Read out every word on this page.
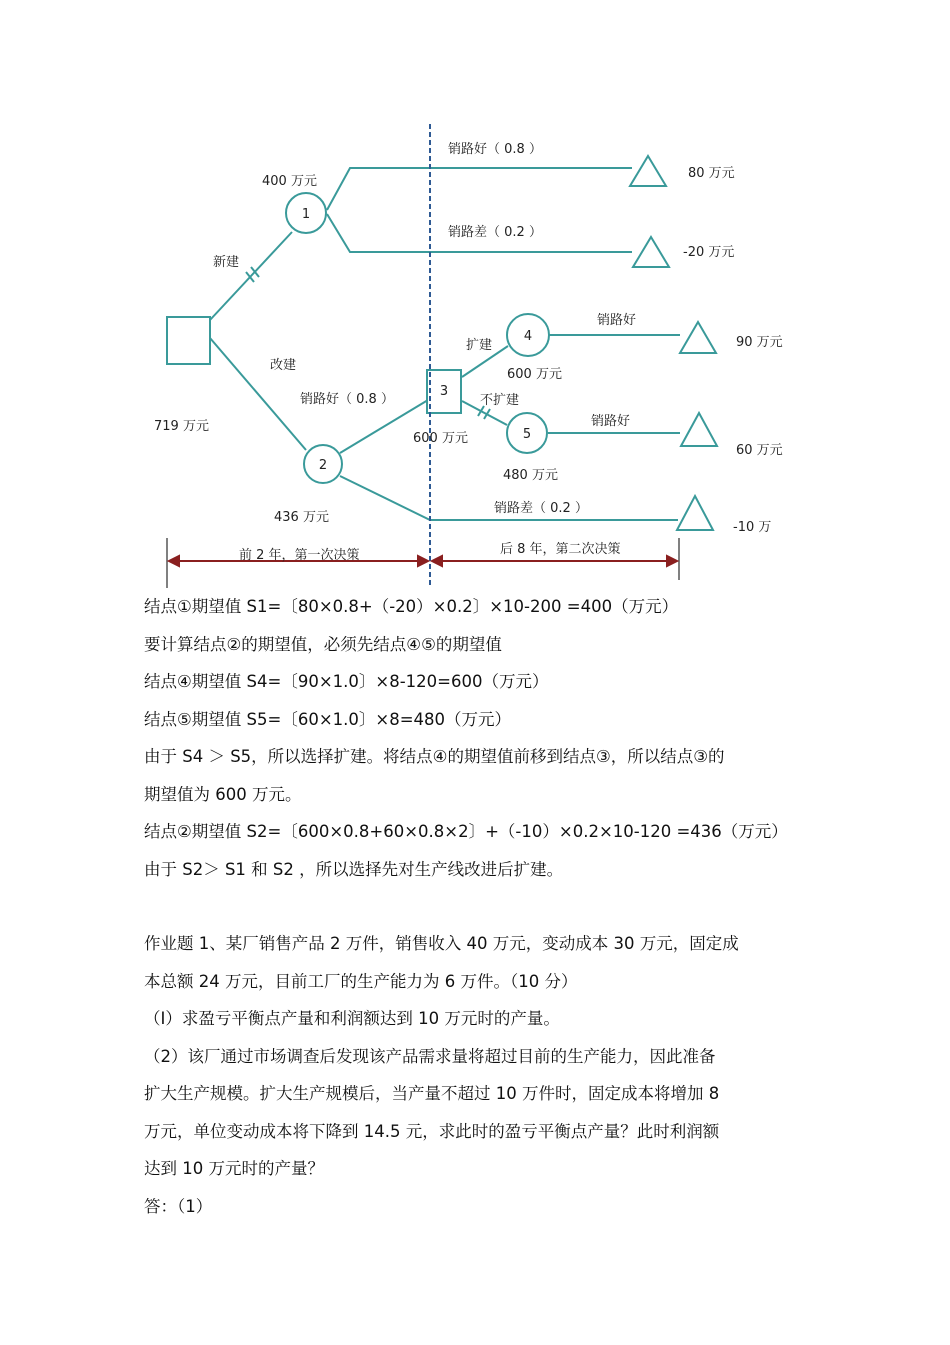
400 万元
新建
改建
719 万元
销路好（ 0.8 ）
销路差（ 0.2 ）
80 万元
-20 万元
扩建
不扩建
销路好
销路好
600 万元
600 万元
480 万元
销路好（ 0.8 ）
436 万元
销路差（ 0.2 ）
90 万元
60 万元
-10 万
前 2 年，第一次决策	后 8 年，第二次决策
1
2
3
4
5
结点①期望值 S1=〔80×0.8+（-20）×0.2〕×10-200 =400（万元）
要计算结点②的期望值，必须先结点④⑤的期望值
结点④期望值 S4=〔90×1.0〕×8-120=600（万元）
结点⑤期望值 S5=〔60×1.0〕×8=480（万元）
由于 S4 ＞ S5，所以选择扩建。将结点④的期望值前移到结点③，所以结点③的
期望值为 600 万元。
结点②期望值 S2=〔600×0.8+60×0.8×2〕+（-10）×0.2×10-120 =436（万元）
由于 S2＞ S1 和 S2 ，所以选择先对生产线改进后扩建。
作业题 1、某厂销售产品 2 万件，销售收入 40 万元，变动成本 30 万元，固定成
本总额 24 万元，目前工厂的生产能力为 6 万件。（10 分）
（I）求盈亏平衡点产量和利润额达到 10 万元时的产量。
（2）该厂通过市场调查后发现该产品需求量将超过目前的生产能力，因此准备
扩大生产规模。扩大生产规模后，当产量不超过 10 万件时，固定成本将增加 8
万元，单位变动成本将下降到 14.5 元，求此时的盈亏平衡点产量？此时利润额
达到 10 万元时的产量？
答：（1）
